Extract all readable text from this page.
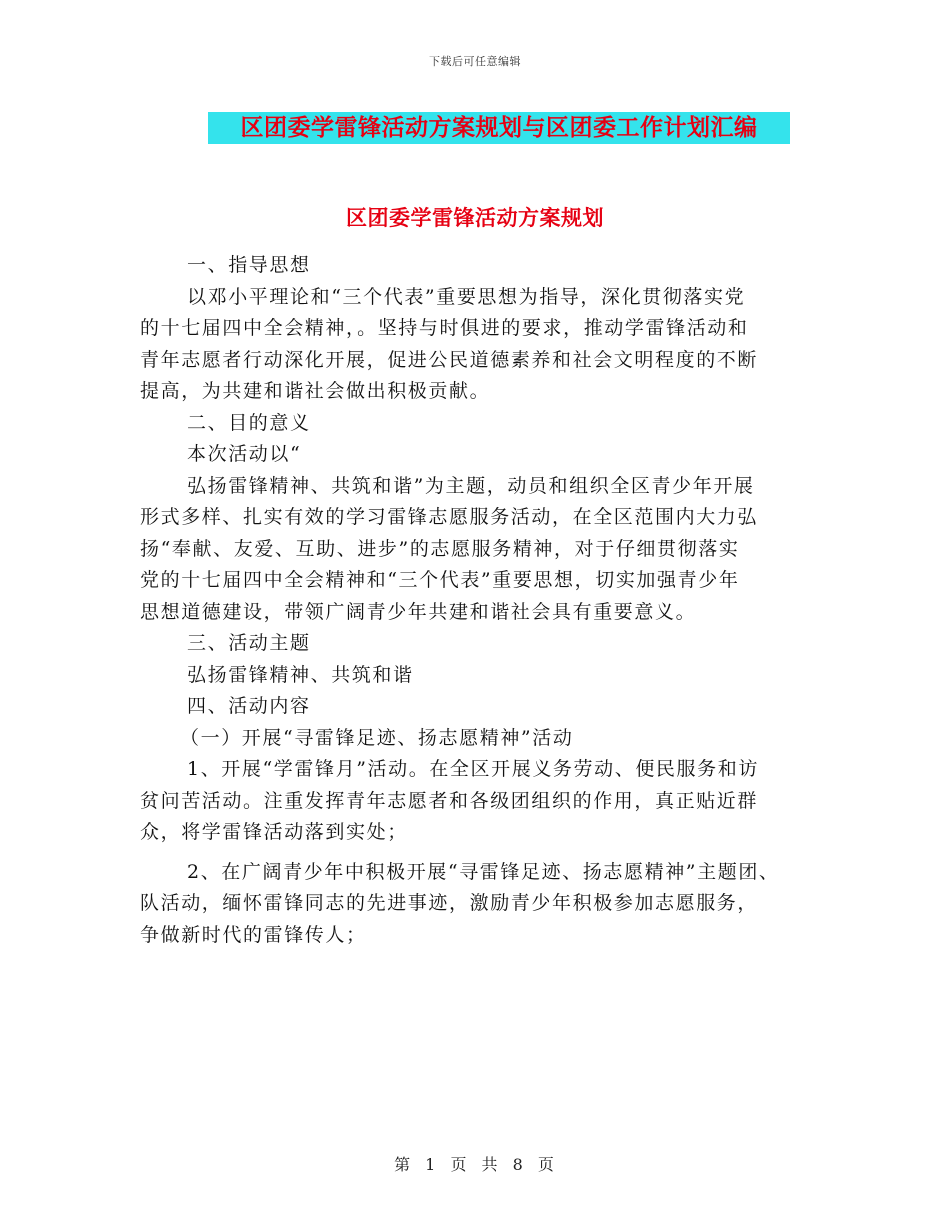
下载后可任意编辑
区团委学雷锋活动方案规划与区团委工作计划汇编
区团委学雷锋活动方案规划

一、指导思想

以邓小平理论和“三个代表”重要思想为指导，深化贯彻落实党

的十七届四中全会精神，。坚持与时俱进的要求，推动学雷锋活动和

青年志愿者行动深化开展，促进公民道德素养和社会文明程度的不断

提高，为共建和谐社会做出积极贡献。

二、目的意义

本次活动以“

弘扬雷锋精神、共筑和谐”为主题，动员和组织全区青少年开展

形式多样、扎实有效的学习雷锋志愿服务活动，在全区范围内大力弘

扬“奉献、友爱、互助、进步”的志愿服务精神，对于仔细贯彻落实

党的十七届四中全会精神和“三个代表”重要思想，切实加强青少年

思想道德建设，带领广阔青少年共建和谐社会具有重要意义。

三、活动主题

弘扬雷锋精神、共筑和谐

四、活动内容

（一）开展“寻雷锋足迹、扬志愿精神”活动

1、开展“学雷锋月”活动。在全区开展义务劳动、便民服务和访

贫问苦活动。注重发挥青年志愿者和各级团组织的作用，真正贴近群

众，将学雷锋活动落到实处；

2、在广阔青少年中积极开展“寻雷锋足迹、扬志愿精神”主题团、

队活动，缅怀雷锋同志的先进事迹，激励青少年积极参加志愿服务，

争做新时代的雷锋传人；

第 1 页 共 8 页
